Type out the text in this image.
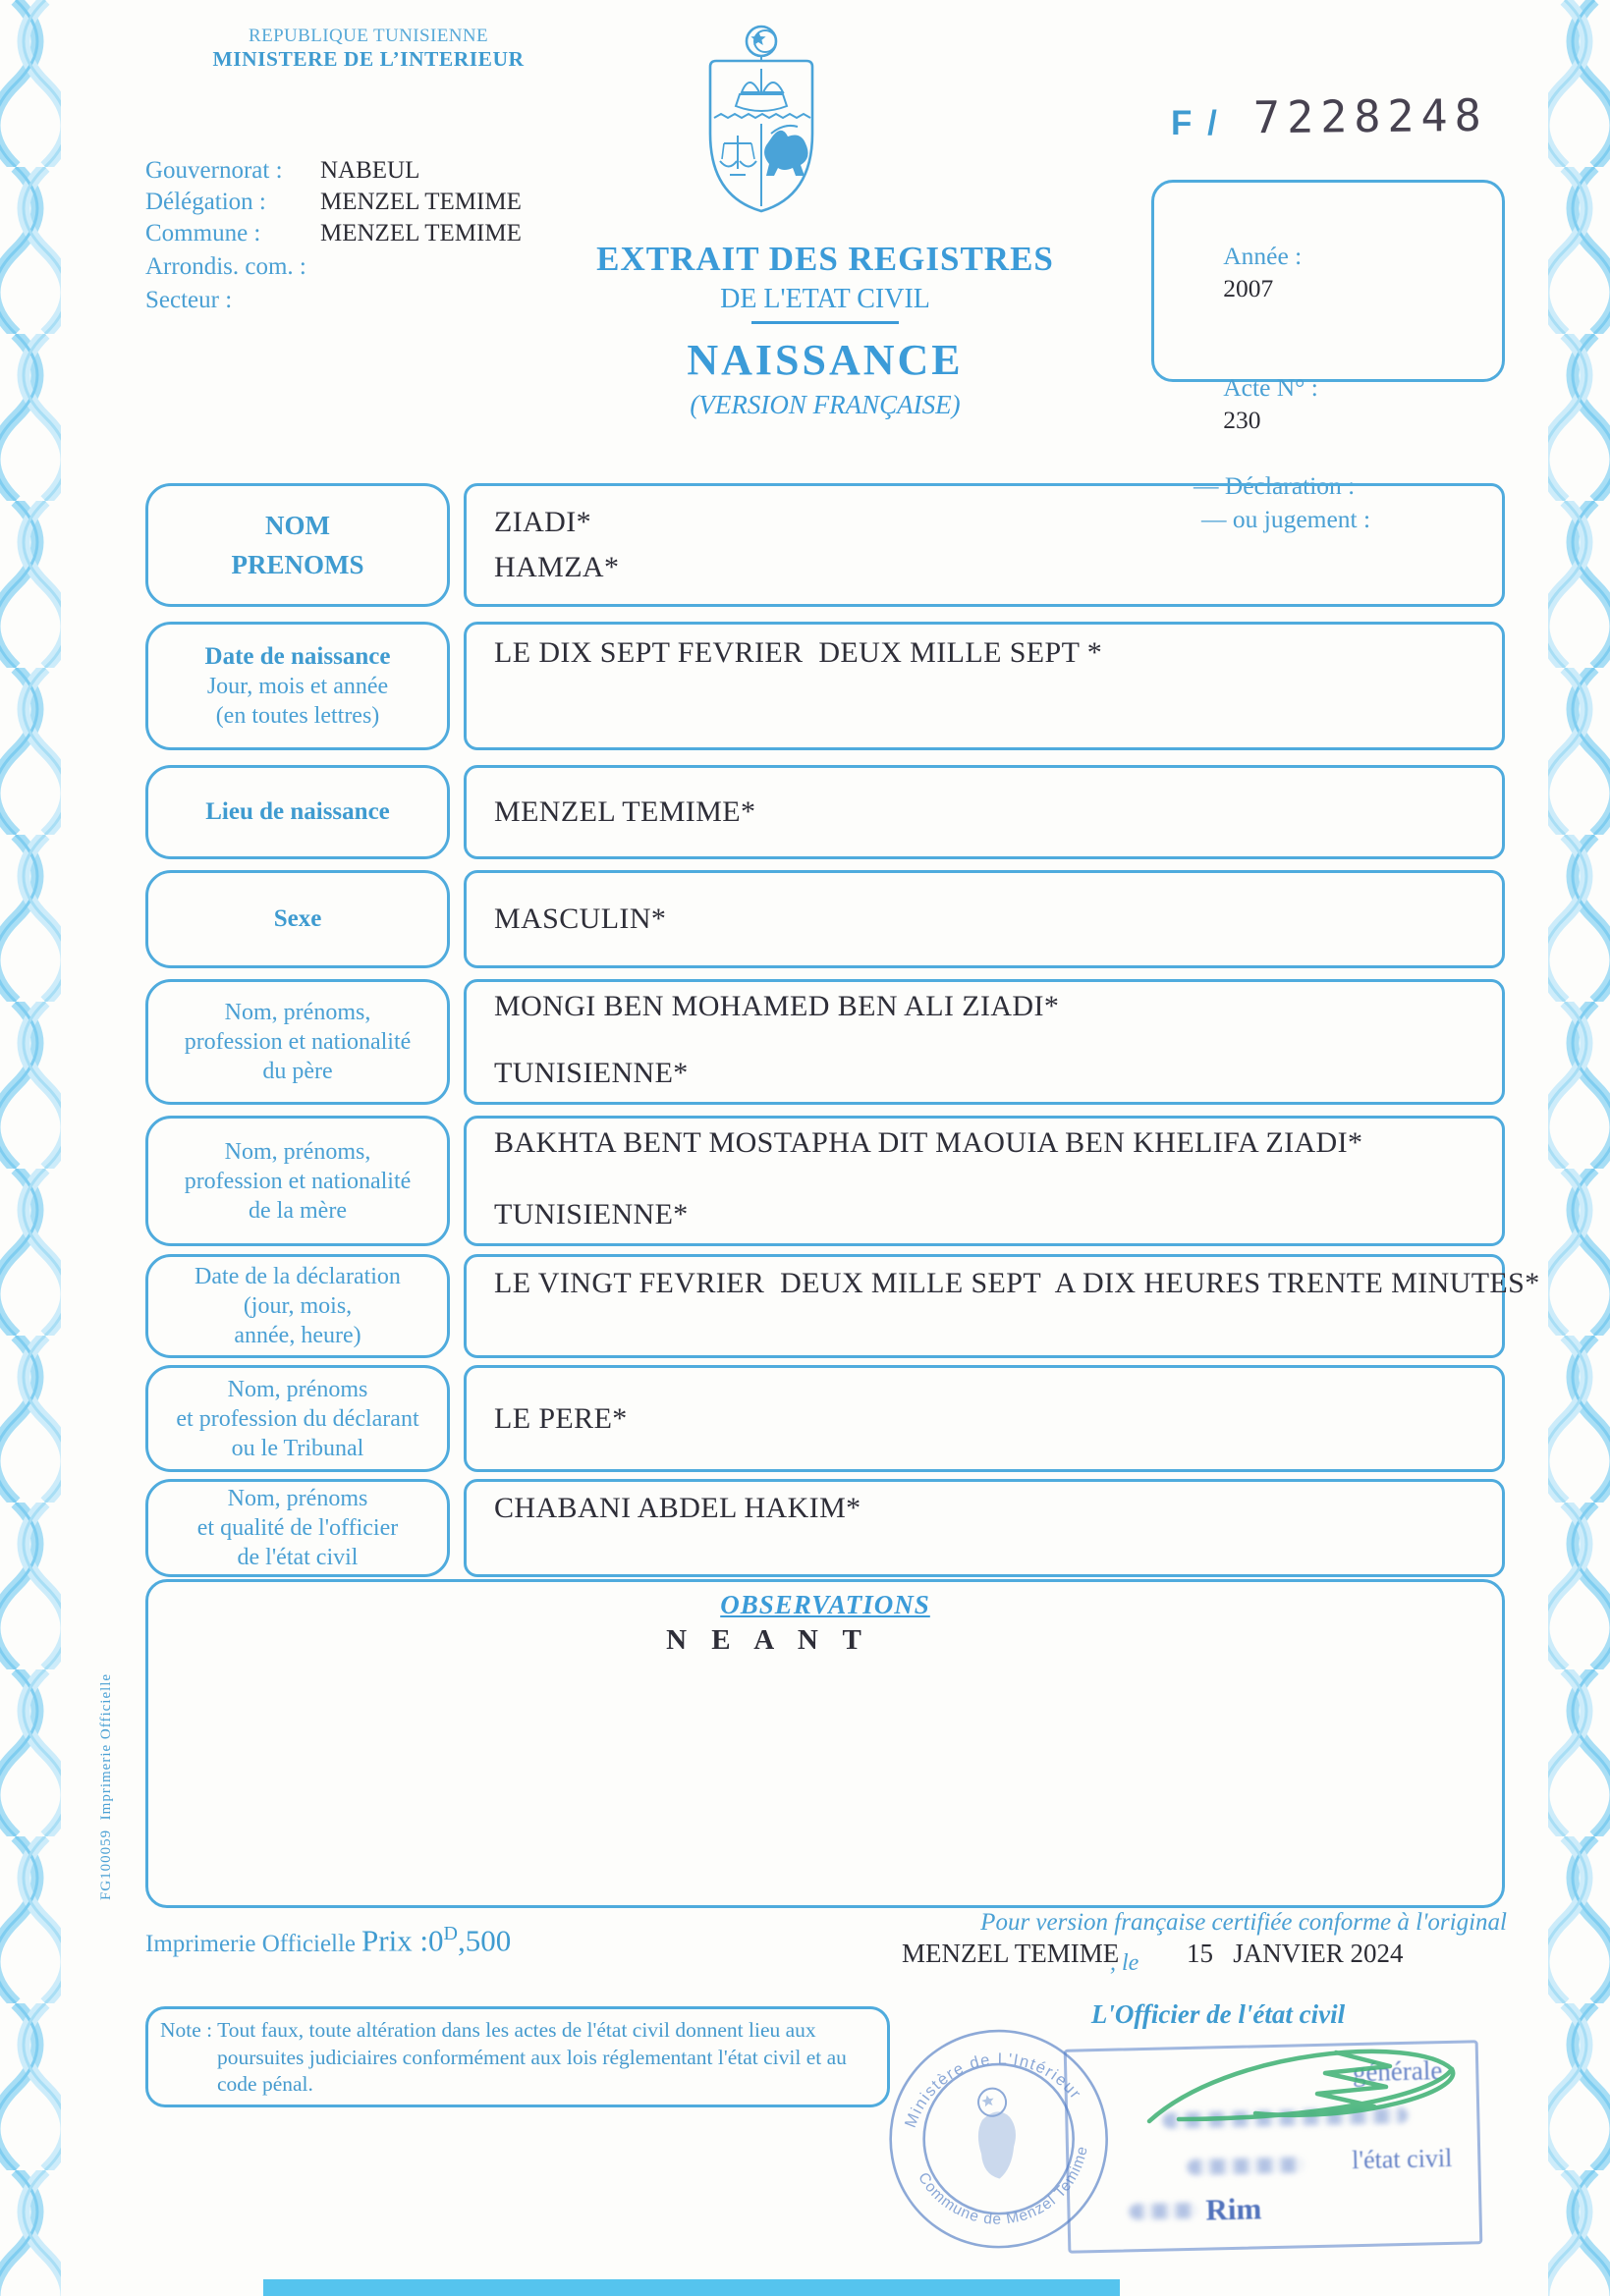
REPUBLIQUE TUNISIENNE
MINISTERE DE L’INTERIEUR
F / 7228248

Année :
2007

Acte N° :
230

— Déclaration :
— ou jugement :
Gouvernorat : NABEUL
Délégation : MENZEL TEMIME
Commune : MENZEL TEMIME
Arrondis. com. :
Secteur :
EXTRAIT DES REGISTRES
DE L'ETAT CIVIL
NAISSANCE
(VERSION FRANÇAISE)
NOM
PRENOMS
ZIADI*
HAMZA*
Date de naissance
Jour, mois et année
(en toutes lettres)
LE DIX SEPT FEVRIER  DEUX MILLE SEPT *
Lieu de naissance	MENZEL TEMIME*
Sexe	MASCULIN*
Nom, prénoms,
profession et nationalité
du père
MONGI BEN MOHAMED BEN ALI ZIADI*
TUNISIENNE*
Nom, prénoms,
profession et nationalité
de la mère
BAKHTA BENT MOSTAPHA DIT MAOUIA BEN KHELIFA ZIADI*
TUNISIENNE*
Date de la déclaration
(jour, mois,
année, heure)
LE VINGT FEVRIER  DEUX MILLE SEPT  A DIX HEURES TRENTE MINUTES*
Nom, prénoms
et profession du déclarant
ou le Tribunal
LE PERE*
Nom, prénoms
et qualité de l'officier
de l'état civil
CHABANI ABDEL HAKIM*
OBSERVATIONS
N E A N T
FG100059  Imprimerie Officielle
Imprimerie Officielle Prix $:0^D,500$
Pour version française certifiée conforme à l'original
MENZEL TEMIME
, le 15   JANVIER 2024
L'Officier de l'état civil
Note : Tout faux, toute altération dans les actes de l'état civil donnent lieu aux
poursuites judiciaires conformément aux lois réglementant l'état civil et au
code pénal.
Ministère de L'Intérieur
Commune de Menzel Temime
générale
l'état civil
Rim
